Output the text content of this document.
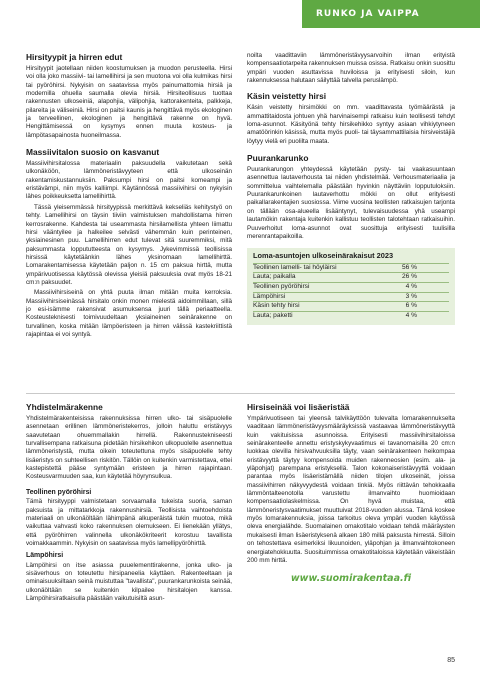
RUNKO JA VAIPPA
Hirsityypit ja hirren edut

Hirsityypit jaotellaan niiden koostumuksen ja muodon perusteella. Hirsi voi olla joko massiivi- tai lamellihirsi ja sen muotona voi olla kulmikas hirsi tai pyöröhirsi. Nykyisin on saatavissa myös painumattomia hirsiä ja modernilla ohuella saumalla olevia hirsiä. Hirsiteollisuus tuottaa rakennusten ulkoseiniä, alapohjia, välipohjia, kattorakenteita, palkkeja, pilareita ja väliseiniä. Hirsi on paitsi kaunis ja hengittävä myös ekologinen ja terveellinen, ekologinen ja hengittävä rakenne on hyvä. Hengittämisessä on kysymys ennen muuta kosteus- ja lämpötasapainosta huoneilmassa.

Massiivitalon suosio on kasvanut

Massiivihirsitalossa materiaalin paksuudella vaikutetaan sekä ulkonäköön, lämmöneristävyyteen että ulkoseinän rakentamiskustannuksiin. Paksumpi hirsi on paitsi komeampi ja eristävämpi, niin myös kalliimpi. Käytännössä massiivihirsi on nykyisin lähes poikkeuksetta lamellihirttä.

Tässä yleisemmässä hirsityypissä merkittävä kekseliäs kehitystyö on tehty. Lamellihirsi on täysin tiiviin valmistuksen mahdollistama hirren kerrosrakenne. Kahdesta tai useammasta hirsilamellista yhteen liimattu hirsi vääntyilee ja halkeilee selvästi vähemmän kuin perinteinen, yksiainesinen puu. Lamellihirren edut tulevat sitä suuremmiksi, mitä paksummasta loppututteesta on kysymys. Jykevimmissä teollisissa hirsissä käytetäänkin lähes yksinomaan lamellihirttä. Lomarakentamisessa käytetään paljon n. 15 cm paksua hirttä, mutta ympärivuotisessa käytössä olevissa yleisiä paksuuksia ovat myös 18-21 cm:n paksuudet.

Massiivihirsiseinä on yhtä puuta ilman mitään muita kerroksia. Massiivihirsiseinässä hirsitalo onkin monen mielestä aidoimmillaan, sillä jo esi-isämme rakensivat asumuksensa juuri tällä periaatteella. Kosteusteknisesti toimivuudeltaan yksiaineinen seinärakenne on turvallinen, koska mitään lämpöeristeen ja hirren välissä kastekriittistä rajapintaa ei voi syntyä.

noilta vaadittaviin lämmöneristävyysarvoihin ilman erityistä kompensaatiotarpeita rakennuksen muissa osissa. Ratkaisu onkin suosittu ympäri vuoden asuttavissa huviloissa ja erityisesti siloin, kun rakennuksessa halutaan säilyttää talvella peruslämpö.

Käsin veistetty hirsi

Käsin veistetty hirsimökki on mm. vaadittavasta työmäärästä ja ammattitaidosta johtuen yhä harvinaisempi ratkaisu kuin teollisesti tehdyt loma-asunnot. Käsityönä tehty hirsikehikko syntyy asiaan vihkiytyneen amatöörinkin käsissä, mutta myös puoli- tai täysammattilaisia hirsiveistäjiä löytyy vielä eri puolilta maata.

Puurankarunko

Puurankarungon yhteydessä käytetään pysty- tai vaakasuuntaan asennettua lautaverhousta tai niiden yhdistelmää. Verhousmateriaalia ja sommittelua vaihtelemalla päästään hyvinkin näyttäviin lopputuloksiin. Puurankarunkoinen lautaverhottu mökki on ollut erityisesti paikallarakentajien suosiossa. Viime vuosina teollisten ratkaisujen tarjonta on tällään osa-alueella lisääntynyt, tulevaisuudessa yhä useampi lautamökin rakentaja kuitenkin kallistuu teollisten talotehtaan ratkaisuihin. Puuverhoitut loma-asunnot ovat suosittuja erityisesti tuulisilla merenrantapaikoilla.

Loma-asuntojen ulkoseinärakaisut 2023
Teollinen lamelli- tai höyläirsi	56 %
Lauta; paikalla	26 %
Teollinen pyöröhirsi	4 %
Lämpöhirsi	3 %
Käsin tehty hirsi	6 %
Lauta; paketti	4 %
Yhdistelmärakenne

Yhdistelmärakenteisissa rakennuksissa hirren ulko- tai sisäpuolelle asennetaan erillinen lämmöneristekerros, jolloin haluttu eristävyys saavutetaan ohuemmallakin hirrellä. Rakennustekniseesti turvallisempana ratkaisuna pidetään hirsikehikon ulkopuolelle asennettua lämmöneristystä, mutta oikein toteutettuna myös sisäpuolelle tehty lisäeristys on suhteellisen riskitön. Tällöin on kuitenkin varmistettava, ettei kastepistettä pääse syntymään eristeen ja hirren rajapintaan. Kosteusvarmuuden saa, kun käytetää höyrynsulkua.

Teollinen pyöröhirsi

Tämä hirsityyppi valmistetaan sorvaamalla tukeista suoria, saman paksuista ja mittatarkkoja rakennushirsiä. Teollisista vaihtoehdoista materiaali on ulkonäöltään lähimpänä alkuperäistä tukin muotoa, mikä vaikuttaa vahvasti koko rakennuksen olemukseen. Ei lienekään yllätys, että pyöröhirren valinnella ulkonäkökriteerit korostuu tavallista voimakkaammin. Nykyisin on saatavissa myös lamellipyöröhirttä.

Lämpöhirsi

Lämpöhirsi on itse asiassa puuelementtirakenne, jonka ulko- ja sisäverhous on toteutettu hirsipaneelia käyttäen. Rakenteeltaan ja ominaisuuksiltaan seinä muistuttaa "tavallista", puurankarunkoista seinää, ulkonäöltään se kuitenkin kilpailee hirsitalojen kanssa. Lämpöhirsiratkaisulla päästään vaikutuisiltä asun-

Hirsiseinää voi lisäeristää

Ympärivuotiseen tai yleensä talvikäyttöön tulevalta lomarakennukselta vaaditaan lämmöneristävyysmääräyksissä vastaavaa lämmöneristävyyttä kuin vakituisissa asunnoissa. Erityisesti massiivihirsitaloissa seinärakenteelle annettu eristyskykyvaatimus ei tavanomaisilla 20 cm:n luokkaa olevilla hirsivahvuuksilla täyty, vaan seinärakenteen heikompaa eristävyyttä täytyy kompensoida muiden rakenneosien (esim. ala- ja yläpohjat) parempana eristyksellä. Talon kokonaiseristävyyttä voidaan parantaa myös lisäeristämällä niiden tilojen ulkoseinät, joissa massiivihirren näkyvyydestä voidaan tinkiä. Myös riittävän tehokkaalla lämmöntalteenotolla varustettu ilmanvaihto huomioidaan kompensaatiolaskelmissa. On hyvä muistaa, että lämmöneristysvaatimukset muuttuivat 2018-vuoden alussa. Tämä koskee myös lomarakennuksia, joissa tarkoitus oleva ympäri vuoden käytössä oleva energialähde. Suomalainen omakotitalo voidaan tehdä määräysten mukaisesti ilman lisäeristyksenä alkaen 180 millä paksusta hirrestä. Silloin on tehostettava esimerkiksi likuunoiden, yläpohjan ja ilmanvaihtokoneen energiatehokkuutta. Suosituimmissa omakotitaloissa käytetään väkeistään 200 mm hirttä.

www.suomirakentaa.fi
85
